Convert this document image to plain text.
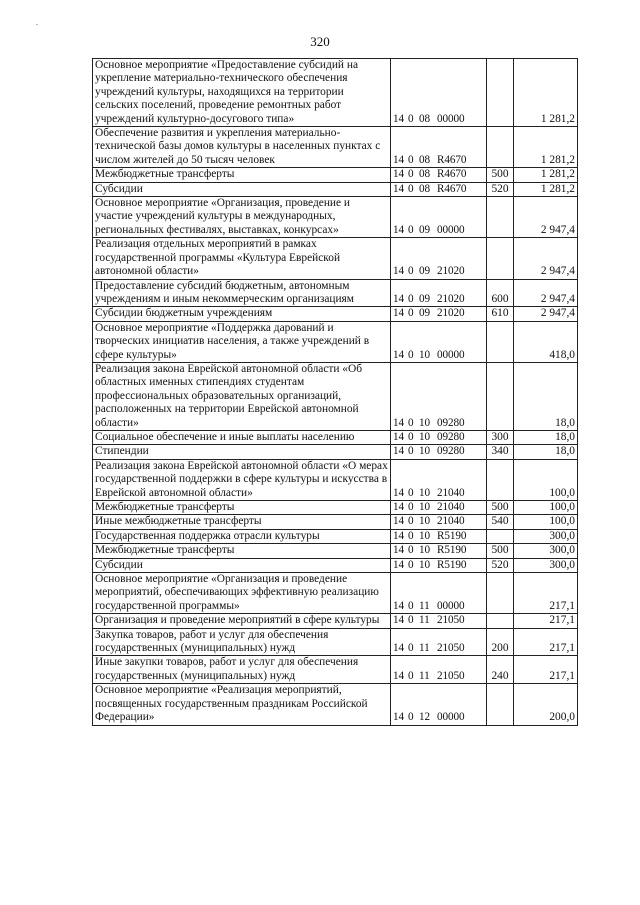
.
320
Основное мероприятие «Предоставление субсидий на укрепление материально-технического обеспечения учреждений культуры, находящихся на территории сельских поселений, проведение ремонтных работ учреждений культурно-досугового типа»	14 0 08 00000		1 281,2
Обеспечение развития и укрепления материально-технической базы домов культуры в населенных пунктах с числом жителей до 50 тысяч человек	14 0 08 R4670		1 281,2
Межбюджетные трансферты	14 0 08 R4670	500	1 281,2
Субсидии	14 0 08 R4670	520	1 281,2
Основное мероприятие «Организация, проведение и участие учреждений культуры в международных, региональных фестивалях, выставках, конкурсах»	14 0 09 00000		2 947,4
Реализация отдельных мероприятий в рамках государственной программы «Культура Еврейской автономной области»	14 0 09 21020		2 947,4
Предоставление субсидий бюджетным, автономным учреждениям и иным некоммерческим организациям	14 0 09 21020	600	2 947,4
Субсидии бюджетным учреждениям	14 0 09 21020	610	2 947,4
Основное мероприятие «Поддержка дарований и творческих инициатив населения, а также учреждений в сфере культуры»	14 0 10 00000		418,0
Реализация закона Еврейской автономной области «Об областных именных стипендиях студентам профессиональных образовательных организаций, расположенных на территории Еврейской автономной области»	14 0 10 09280		18,0
Социальное обеспечение и иные выплаты населению	14 0 10 09280	300	18,0
Стипендии	14 0 10 09280	340	18,0
Реализация закона Еврейской автономной области «О мерах государственной поддержки в сфере культуры и искусства в Еврейской автономной области»	14 0 10 21040		100,0
Межбюджетные трансферты	14 0 10 21040	500	100,0
Иные межбюджетные трансферты	14 0 10 21040	540	100,0
Государственная поддержка отрасли культуры	14 0 10 R5190		300,0
Межбюджетные трансферты	14 0 10 R5190	500	300,0
Субсидии	14 0 10 R5190	520	300,0
Основное мероприятие «Организация и проведение мероприятий, обеспечивающих эффективную реализацию государственной программы»	14 0 11 00000		217,1
Организация и проведение мероприятий в сфере культуры	14 0 11 21050		217,1
Закупка товаров, работ и услуг для обеспечения государственных (муниципальных) нужд	14 0 11 21050	200	217,1
Иные закупки товаров, работ и услуг для обеспечения государственных (муниципальных) нужд	14 0 11 21050	240	217,1
Основное мероприятие «Реализация мероприятий, посвященных государственным праздникам Российской Федерации»	14 0 12 00000		200,0
